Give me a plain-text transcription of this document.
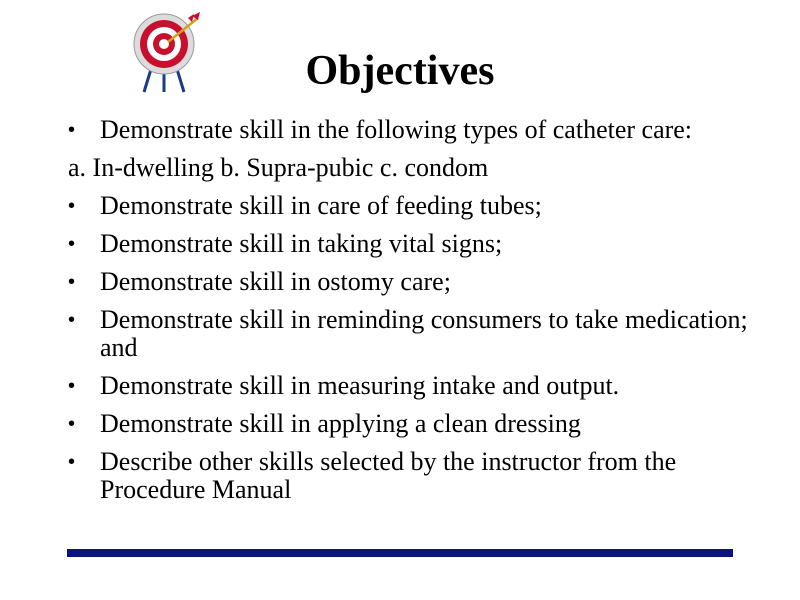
Objectives
• Demonstrate skill in the following types of catheter care:
a. In-dwelling b. Supra-pubic c. condom
• Demonstrate skill in care of feeding tubes;
• Demonstrate skill in taking vital signs;
• Demonstrate skill in ostomy care;
• Demonstrate skill in reminding consumers to take medication; and
• Demonstrate skill in measuring intake and output.
• Demonstrate skill in applying a clean dressing
• Describe other skills selected by the instructor from the Procedure Manual
